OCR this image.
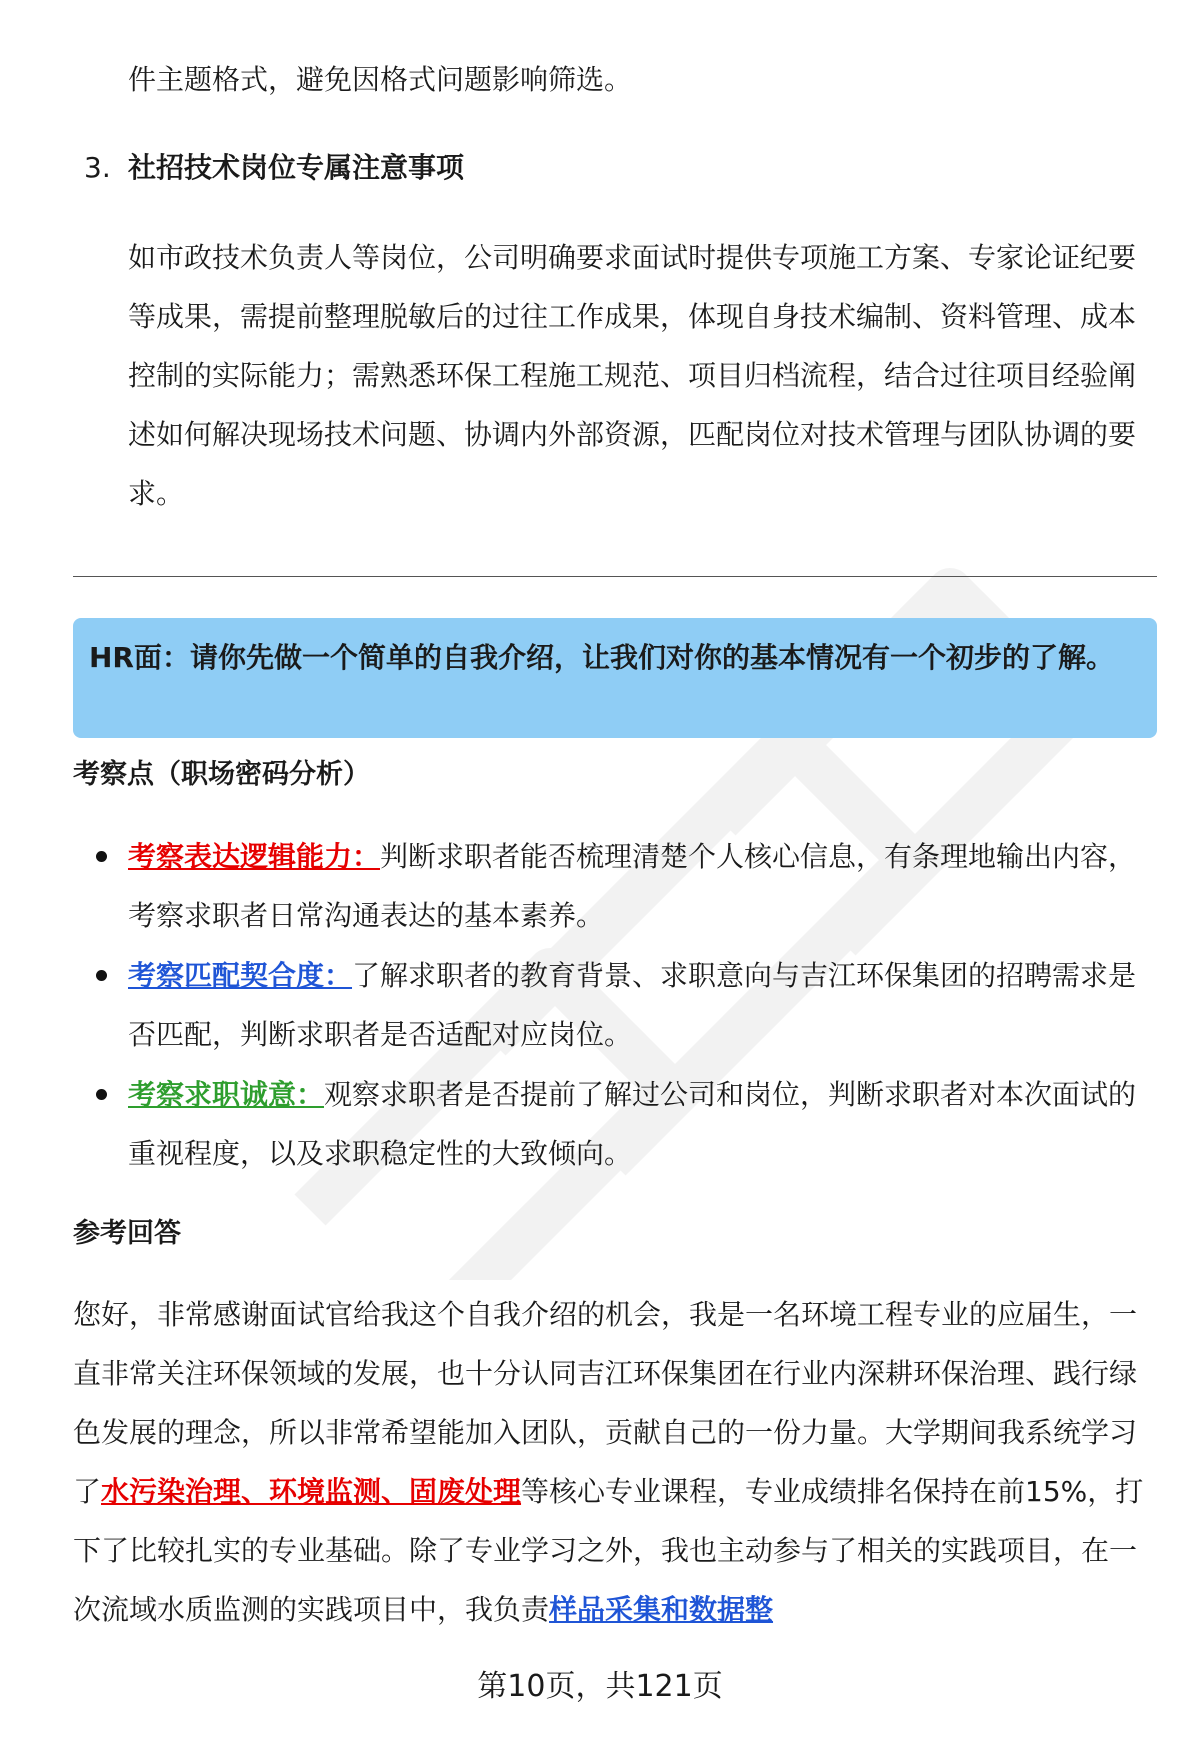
件主题格式，避免因格式问题影响筛选。

3. 社招技术岗位专属注意事项

如市政技术负责人等岗位，公司明确要求面试时提供专项施工方案、专家论证纪要等成果，需提前整理脱敏后的过往工作成果，体现自身技术编制、资料管理、成本控制的实际能力；需熟悉环保工程施工规范、项目归档流程，结合过往项目经验阐述如何解决现场技术问题、协调内外部资源，匹配岗位对技术管理与团队协调的要求。

HR面：请你先做一个简单的自我介绍，让我们对你的基本情况有一个初步的了解。

考察点（职场密码分析）

考察表达逻辑能力：判断求职者能否梳理清楚个人核心信息，有条理地输出内容，考察求职者日常沟通表达的基本素养。

考察匹配契合度：了解求职者的教育背景、求职意向与吉江环保集团的招聘需求是否匹配，判断求职者是否适配对应岗位。

考察求职诚意：观察求职者是否提前了解过公司和岗位，判断求职者对本次面试的重视程度，以及求职稳定性的大致倾向。

参考回答

您好，非常感谢面试官给我这个自我介绍的机会，我是一名环境工程专业的应届生，一直非常关注环保领域的发展，也十分认同吉江环保集团在行业内深耕环保治理、践行绿色发展的理念，所以非常希望能加入团队，贡献自己的一份力量。大学期间我系统学习了水污染治理、环境监测、固废处理等核心专业课程，专业成绩排名保持在前15%，打下了比较扎实的专业基础。除了专业学习之外，我也主动参与了相关的实践项目，在一次流域水质监测的实践项目中，我负责样品采集和数据整

第10页，共121页
